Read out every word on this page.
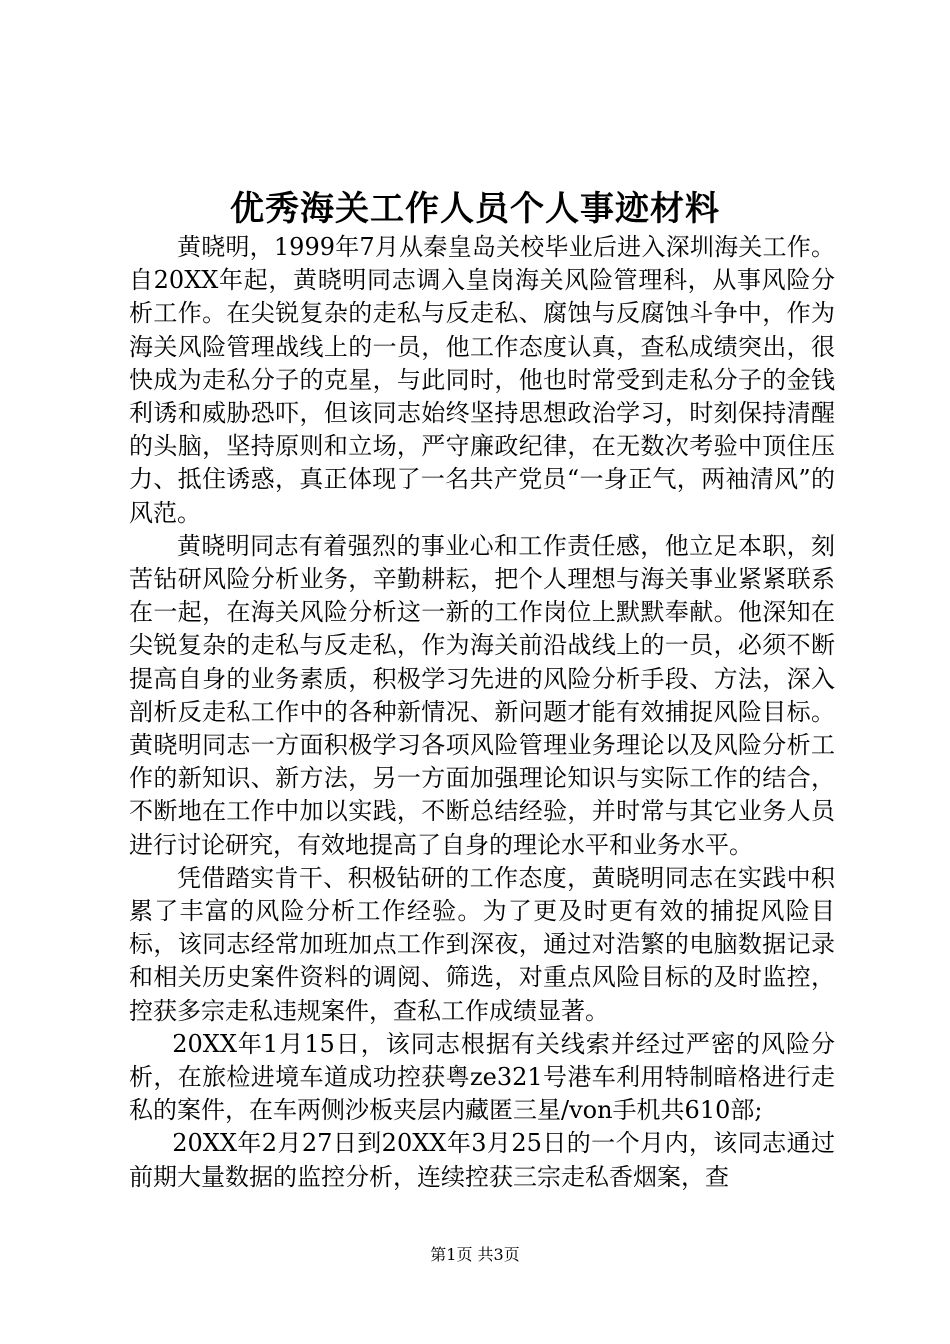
优秀海关工作人员个人事迹材料

黄晓明，1999年7月从秦皇岛关校毕业后进入深圳海关工作。自20XX年起，黄晓明同志调入皇岗海关风险管理科，从事风险分析工作。在尖锐复杂的走私与反走私、腐蚀与反腐蚀斗争中，作为海关风险管理战线上的一员，他工作态度认真，查私成绩突出，很快成为走私分子的克星，与此同时，他也时常受到走私分子的金钱利诱和威胁恐吓，但该同志始终坚持思想政治学习，时刻保持清醒的头脑，坚持原则和立场，严守廉政纪律，在无数次考验中顶住压力、抵住诱惑，真正体现了一名共产党员“一身正气，两袖清风”的风范。

黄晓明同志有着强烈的事业心和工作责任感，他立足本职，刻苦钻研风险分析业务，辛勤耕耘，把个人理想与海关事业紧紧联系在一起，在海关风险分析这一新的工作岗位上默默奉献。他深知在尖锐复杂的走私与反走私，作为海关前沿战线上的一员，必须不断提高自身的业务素质，积极学习先进的风险分析手段、方法，深入剖析反走私工作中的各种新情况、新问题才能有效捕捉风险目标。黄晓明同志一方面积极学习各项风险管理业务理论以及风险分析工作的新知识、新方法，另一方面加强理论知识与实际工作的结合，不断地在工作中加以实践，不断总结经验，并时常与其它业务人员进行讨论研究，有效地提高了自身的理论水平和业务水平。

凭借踏实肯干、积极钻研的工作态度，黄晓明同志在实践中积累了丰富的风险分析工作经验。为了更及时更有效的捕捉风险目标，该同志经常加班加点工作到深夜，通过对浩繁的电脑数据记录和相关历史案件资料的调阅、筛选，对重点风险目标的及时监控，控获多宗走私违规案件，查私工作成绩显著。

20XX年1月15日，该同志根据有关线索并经过严密的风险分析，在旅检进境车道成功控获粤ze321号港车利用特制暗格进行走私的案件，在车两侧沙板夹层内藏匿三星/von手机共610部;

20XX年2月27日到20XX年3月25日的一个月内，该同志通过前期大量数据的监控分析，连续控获三宗走私香烟案，查

第1页 共3页
